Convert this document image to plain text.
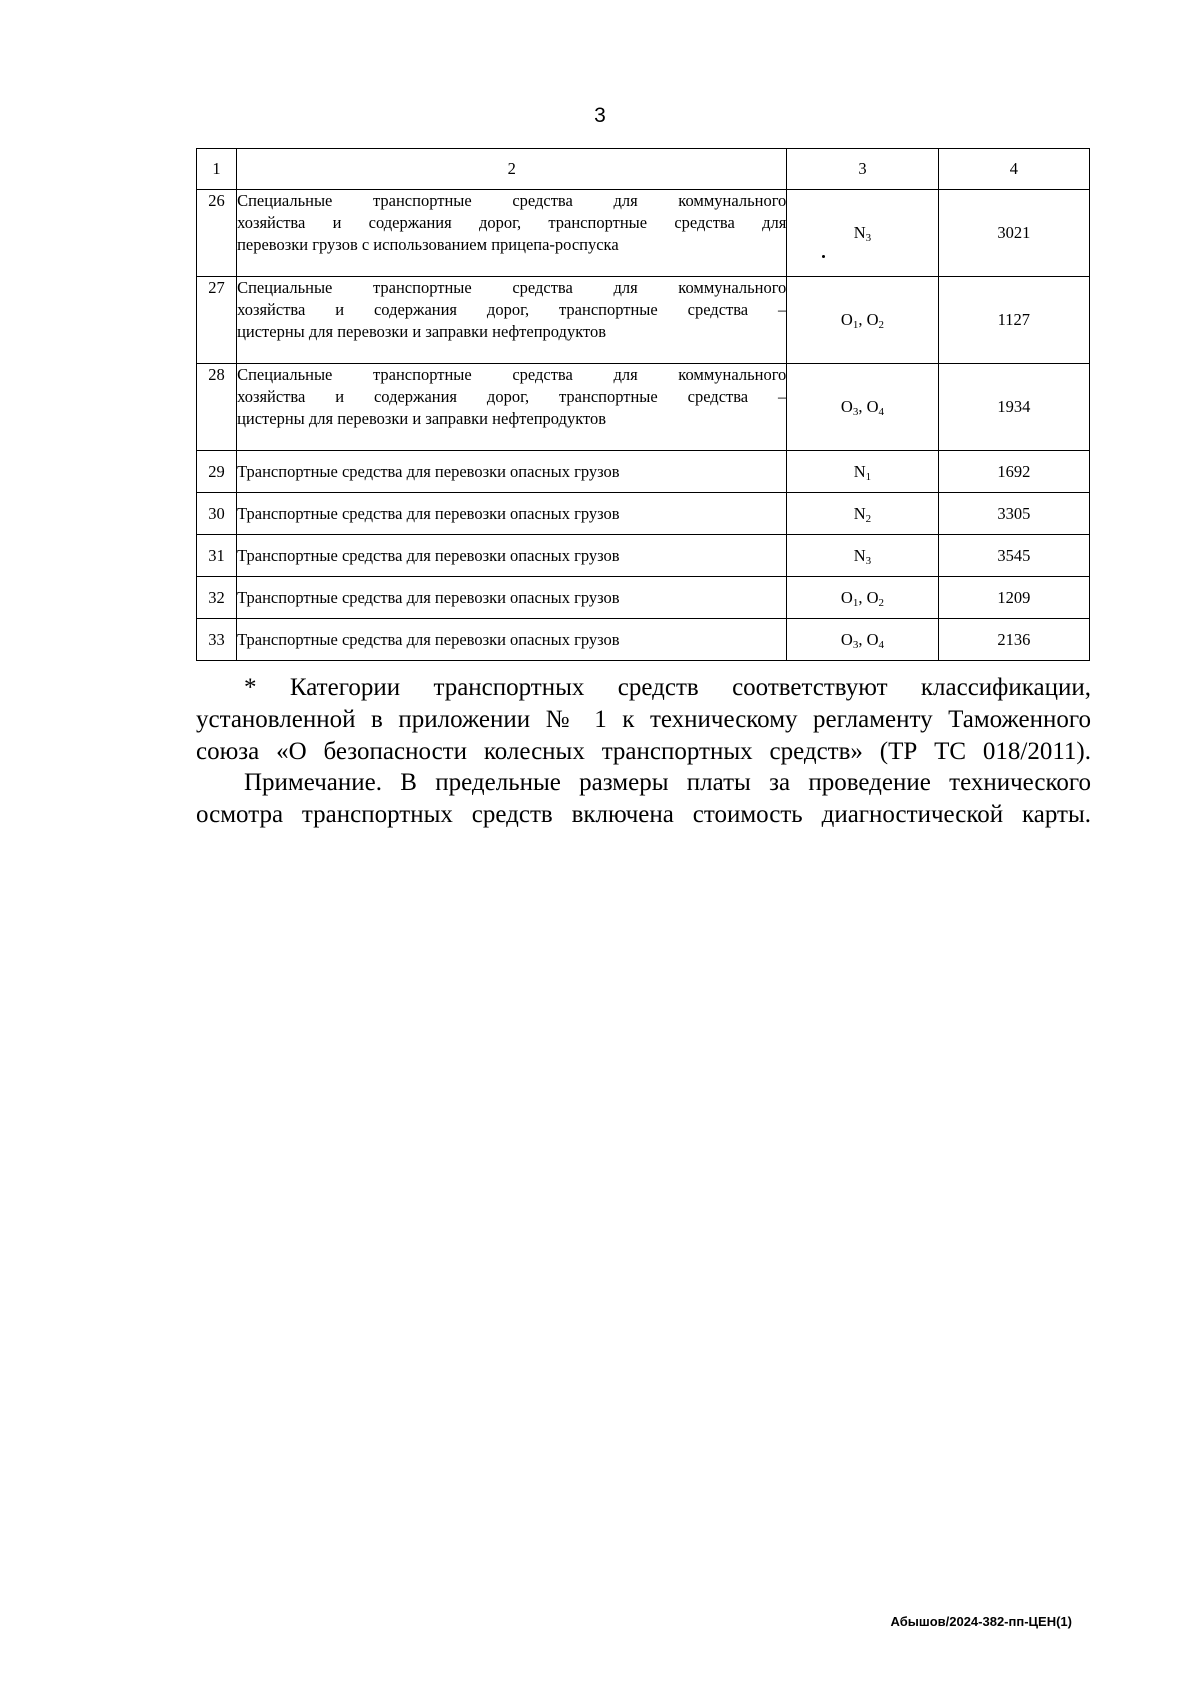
3
1	2	3	4
26	Специальные транспортные средства для коммунального
хозяйства и содержания дорог, транспортные средства для
перевозки грузов с использованием прицепа-роспуска	$N_3$	3021
27	Специальные транспортные средства для коммунального
хозяйства и содержания дорог, транспортные средства –
цистерны для перевозки и заправки нефтепродуктов	$O_1$, $O_2$	1127
28	Специальные транспортные средства для коммунального
хозяйства и содержания дорог, транспортные средства –
цистерны для перевозки и заправки нефтепродуктов	$O_3$, $O_4$	1934
29	Транспортные средства для перевозки опасных грузов	$N_1$	1692
30	Транспортные средства для перевозки опасных грузов	$N_2$	3305
31	Транспортные средства для перевозки опасных грузов	$N_3$	3545
32	Транспортные средства для перевозки опасных грузов	$O_1$, $O_2$	1209
33	Транспортные средства для перевозки опасных грузов	$O_3$, $O_4$	2136

* Категории транспортных средств соответствуют классификации,
установленной в приложении № 1 к техническому регламенту Таможенного
союза «О безопасности колесных транспортных средств» (ТР ТС 018/2011).

Примечание. В предельные размеры платы за проведение технического
осмотра транспортных средств включена стоимость диагностической карты.

Абышов/2024-382-пп-ЦЕН(1)
